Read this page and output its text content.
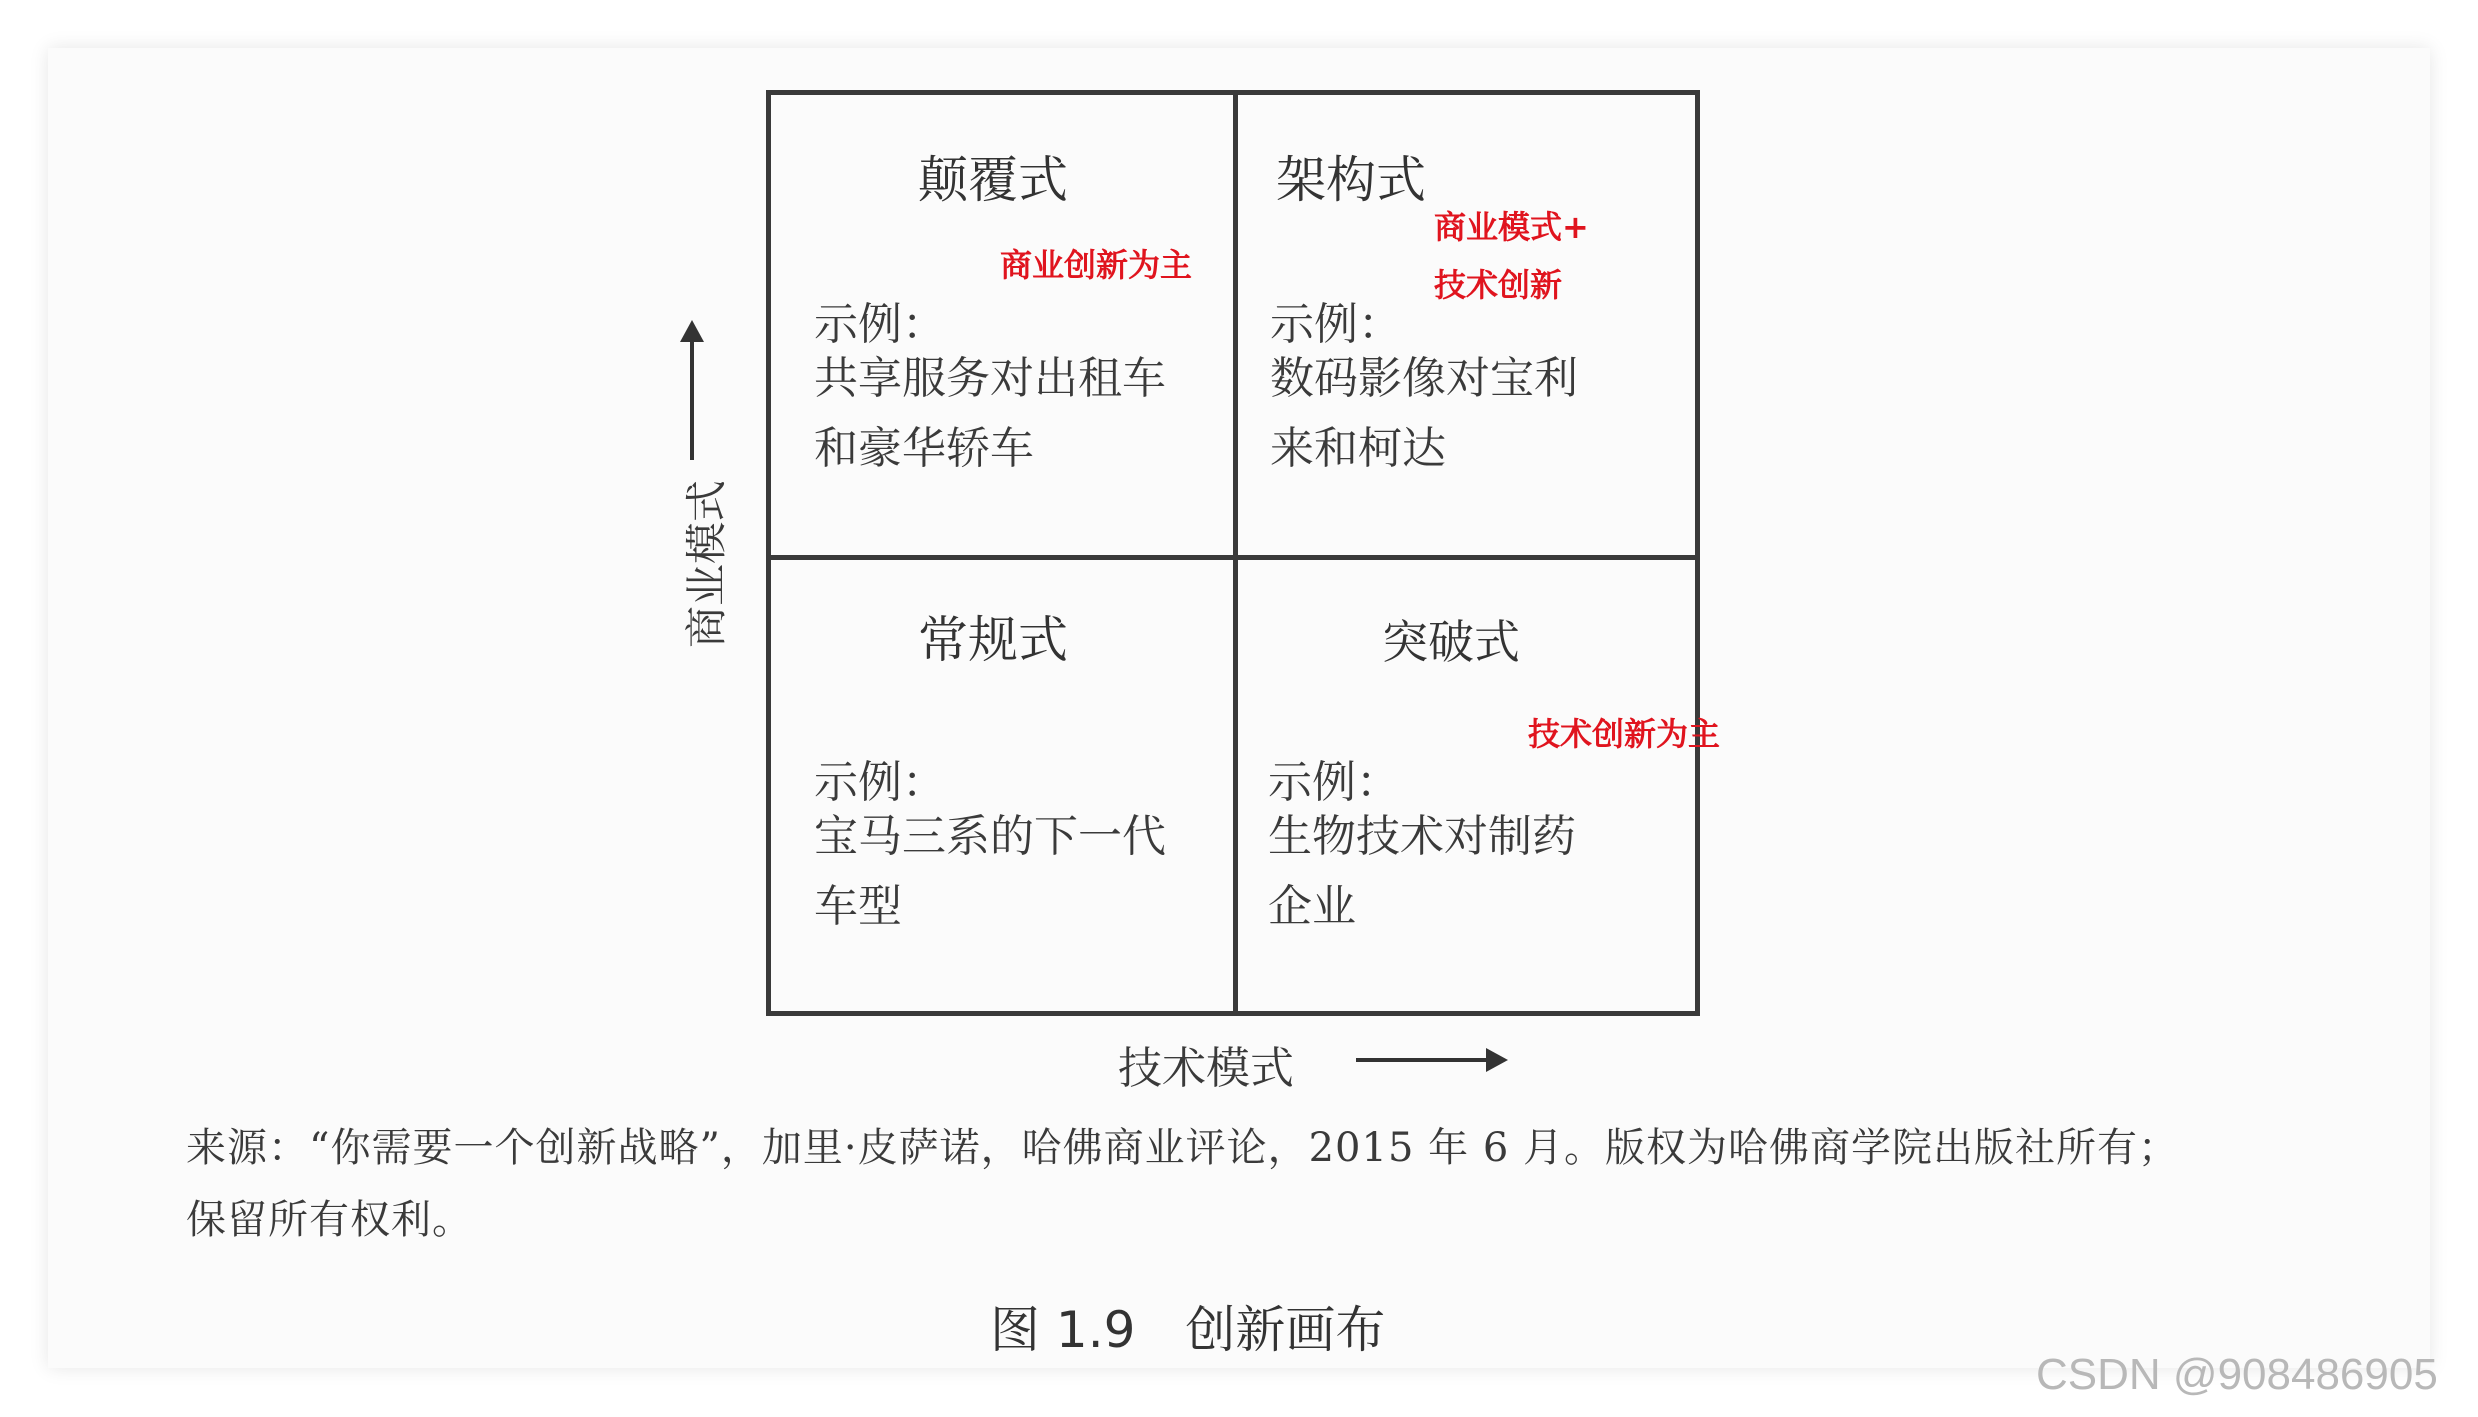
商业模式
颠覆式
商业创新为主
示例：
共享服务对出租车
和豪华轿车
架构式
商业模式+
技术创新
示例：
数码影像对宝利
来和柯达
常规式
示例：
宝马三系的下一代
车型
突破式
技术创新为主
示例：
生物技术对制药
企业
技术模式
来源：“你需要一个创新战略”，加里·皮萨诺，哈佛商业评论，2015 年 6 月。版权为哈佛商学院出版社所有；
保留所有权利。
图 1.9　创新画布
CSDN @908486905
